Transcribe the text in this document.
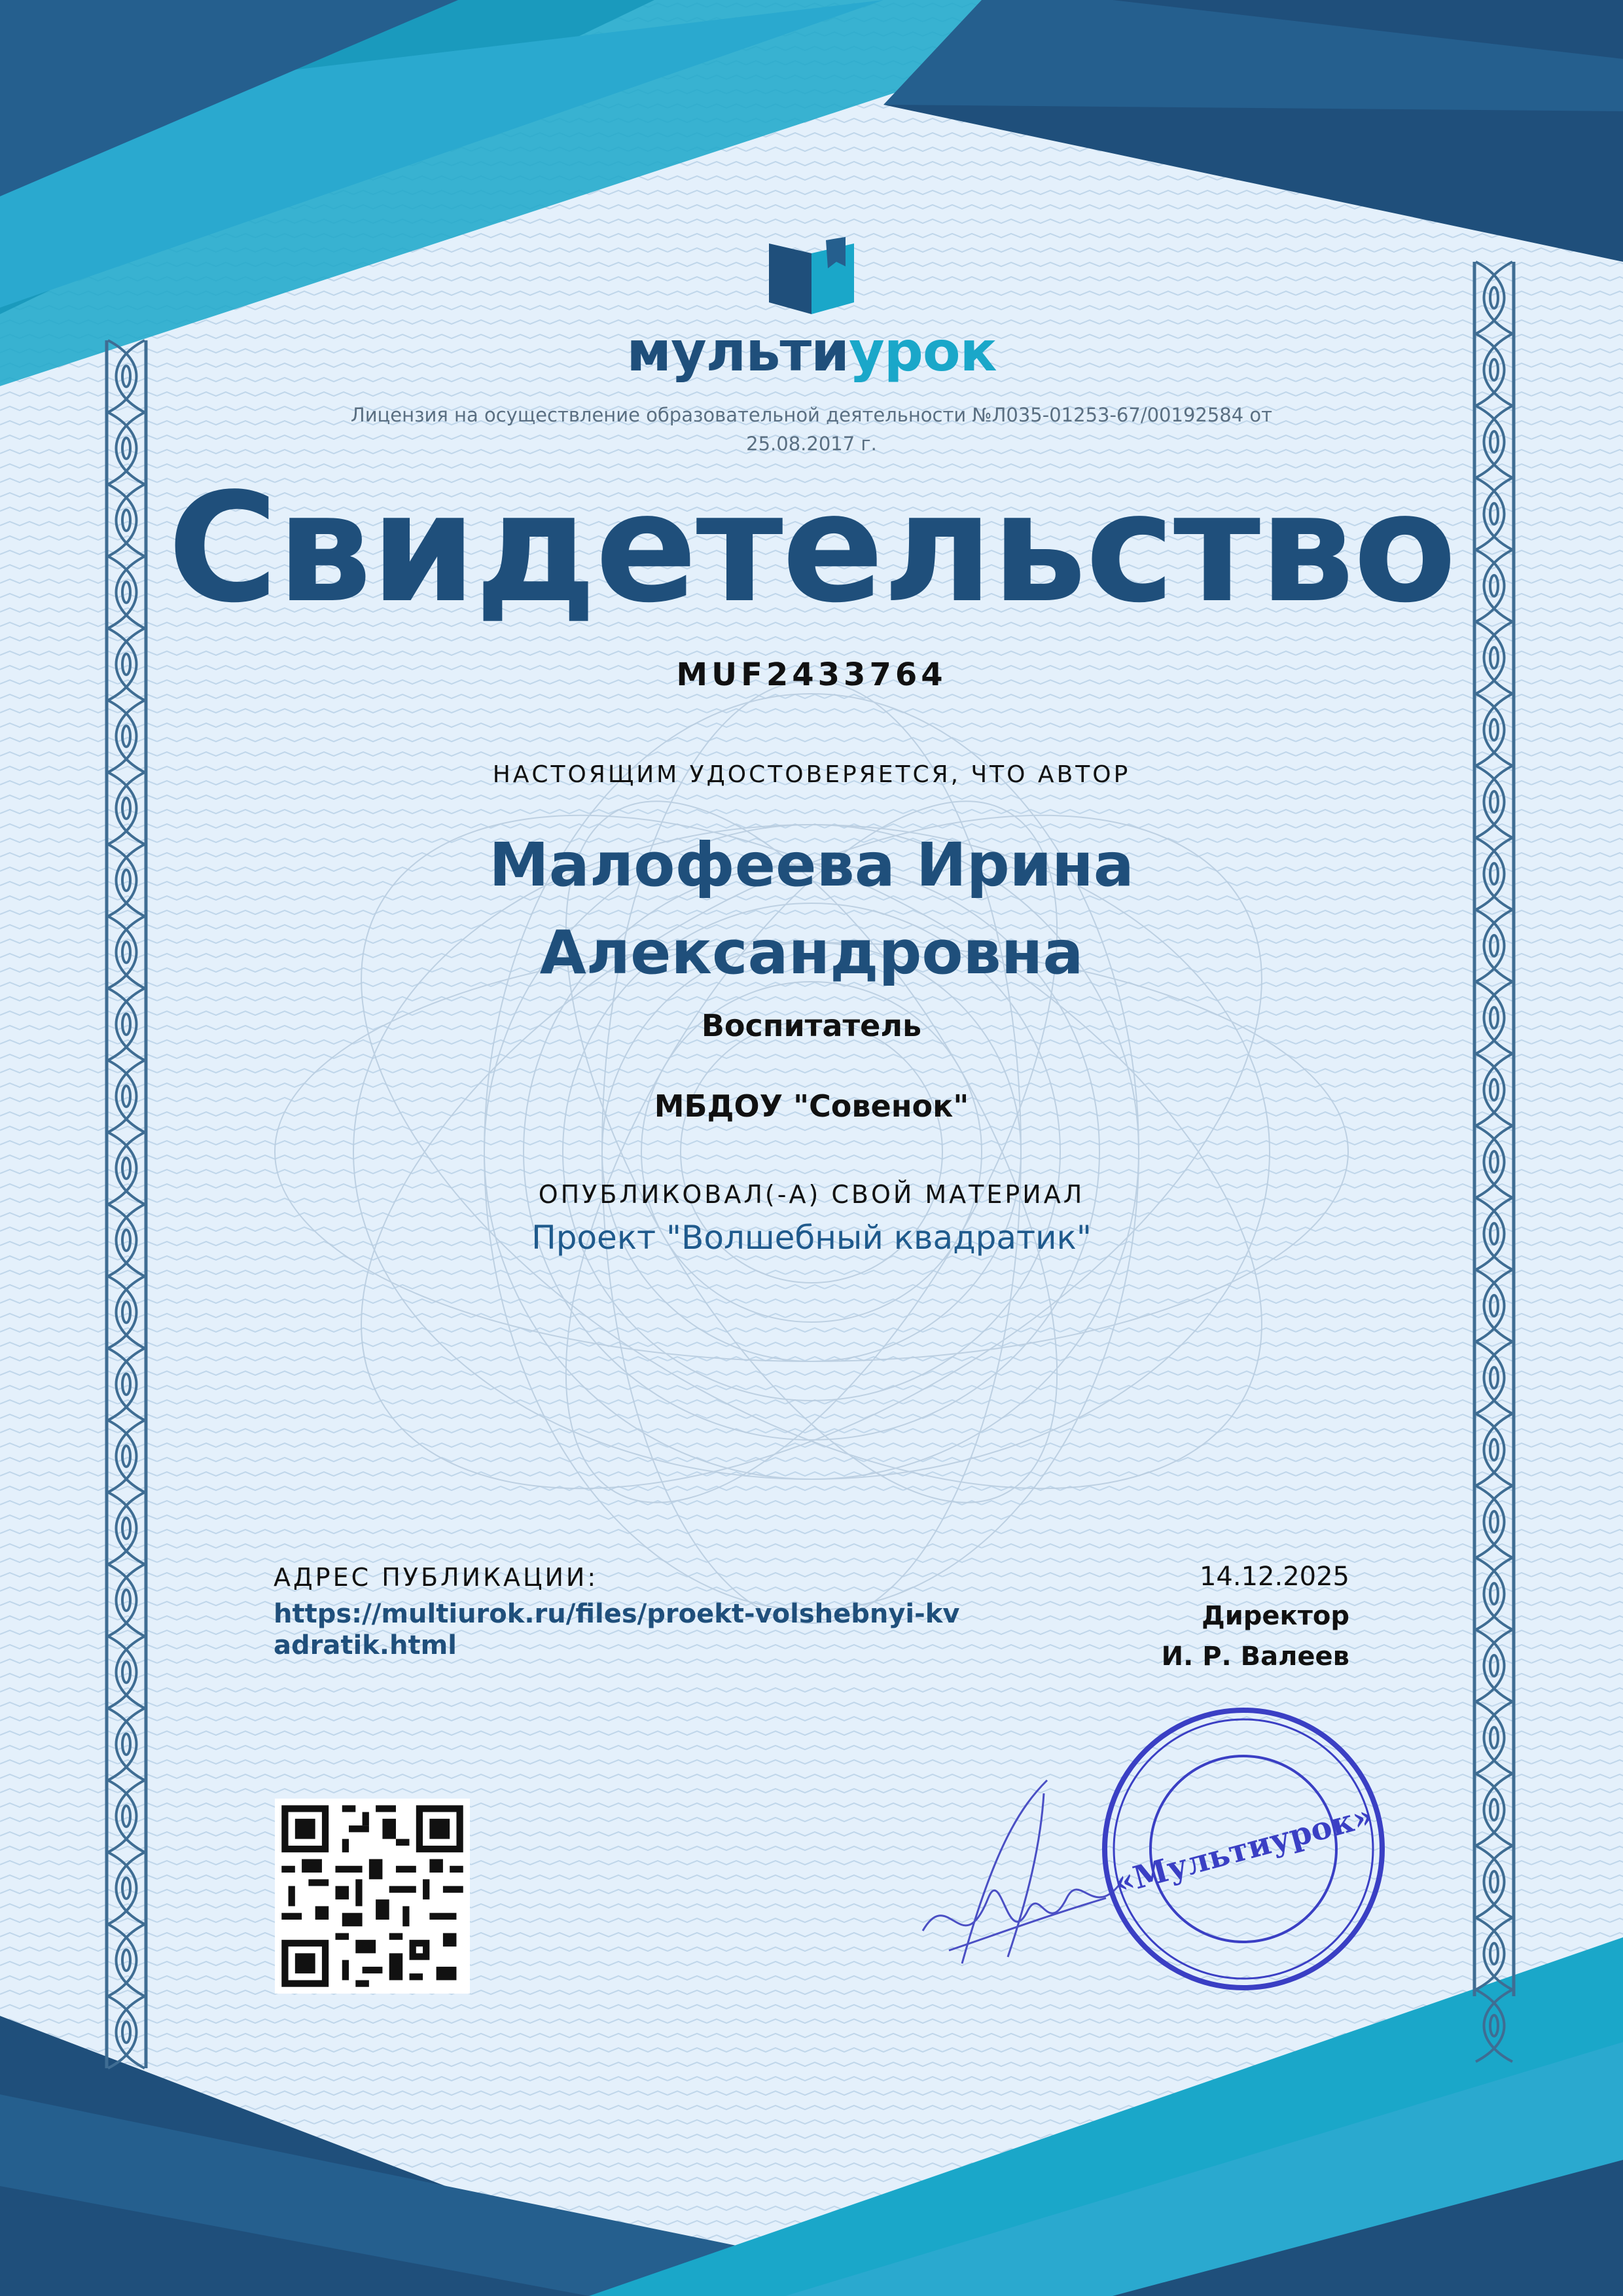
мультиурок
Лицензия на осуществление образовательной деятельности №Л035-01253-67/00192584 от 25.08.2017 г.
Свидетельство
MUF2433764
НАСТОЯЩИМ УДОСТОВЕРЯЕТСЯ, ЧТО АВТОР
Малофеева Ирина Александровна
Воспитатель
МБДОУ "Совенок"
ОПУБЛИКОВАЛ(-А) СВОЙ МАТЕРИАЛ
Проект "Волшебный квадратик"
АДРЕС ПУБЛИКАЦИИ:
https://multiurok.ru/files/proekt-volshebnyi-kvadratik.html
14.12.2025
Директор
И. Р. Валеев
«Мультиурок»
